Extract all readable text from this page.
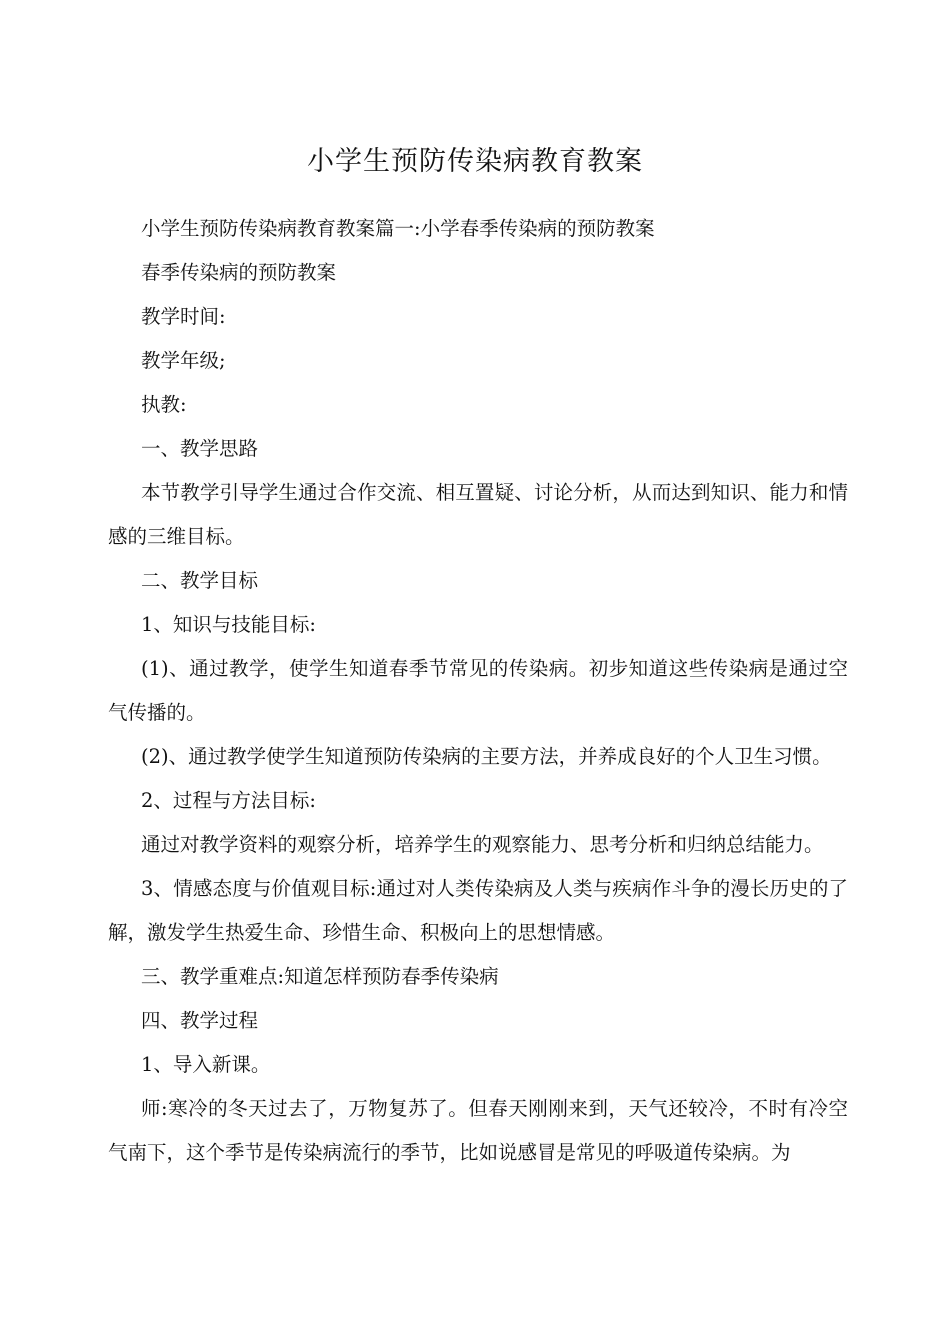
小学生预防传染病教育教案

小学生预防传染病教育教案篇一:小学春季传染病的预防教案

春季传染病的预防教案

教学时间:

教学年级;

执教:

一、教学思路

本节教学引导学生通过合作交流、相互置疑、讨论分析，从而达到知识、能力和情感的三维目标。

二、教学目标

1、知识与技能目标:

(1)、通过教学，使学生知道春季节常见的传染病。初步知道这些传染病是通过空气传播的。

(2)、通过教学使学生知道预防传染病的主要方法，并养成良好的个人卫生习惯。

2、过程与方法目标:

通过对教学资料的观察分析，培养学生的观察能力、思考分析和归纳总结能力。

3、情感态度与价值观目标:通过对人类传染病及人类与疾病作斗争的漫长历史的了解，激发学生热爱生命、珍惜生命、积极向上的思想情感。

三、教学重难点:知道怎样预防春季传染病

四、教学过程

1、导入新课。

师:寒冷的冬天过去了，万物复苏了。但春天刚刚来到，天气还较冷，不时有冷空气南下，这个季节是传染病流行的季节，比如说感冒是常见的呼吸道传染病。为
